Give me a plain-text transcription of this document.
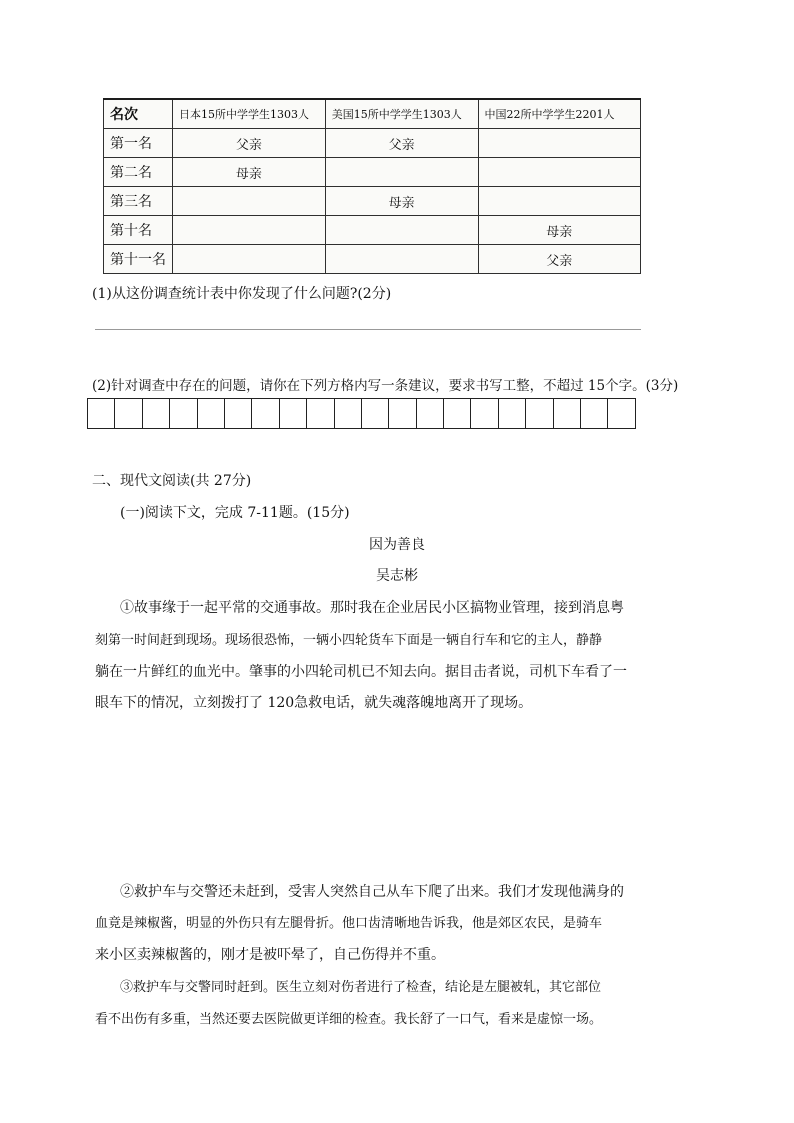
名次	日本15所中学学生1303人	美国15所中学学生1303人	中国22所中学学生2201人
第一名	父亲	父亲	
第二名	母亲		
第三名		母亲	
第十名			母亲
第十一名			父亲
(1)从这份调查统计表中你发现了什么问题?(2分)
(2)针对调查中存在的问题，请你在下列方格内写一条建议，要求书写工整，不超过 15个字。(3分)
二、现代文阅读(共 27分)
(一)阅读下文，完成 7-11题。(15分)
因为善良
吴志彬
①故事缘于一起平常的交通事故。那时我在企业居民小区搞物业管理，接到消息粤
刻第一时间赶到现场。现场很恐怖，一辆小四轮货车下面是一辆自行车和它的主人，静静
躺在一片鲜红的血光中。肇事的小四轮司机已不知去向。据目击者说，司机下车看了一
眼车下的情况，立刻拨打了 120急救电话，就失魂落魄地离开了现场。
②救护车与交警还未赶到，受害人突然自己从车下爬了出来。我们才发现他满身的
血竟是辣椒酱，明显的外伤只有左腿骨折。他口齿清晰地告诉我，他是郊区农民，是骑车
来小区卖辣椒酱的，刚才是被吓晕了，自己伤得并不重。
③救护车与交警同时赶到。医生立刻对伤者进行了检查，结论是左腿被轧，其它部位
看不出伤有多重，当然还要去医院做更详细的检查。我长舒了一口气，看来是虚惊一场。
